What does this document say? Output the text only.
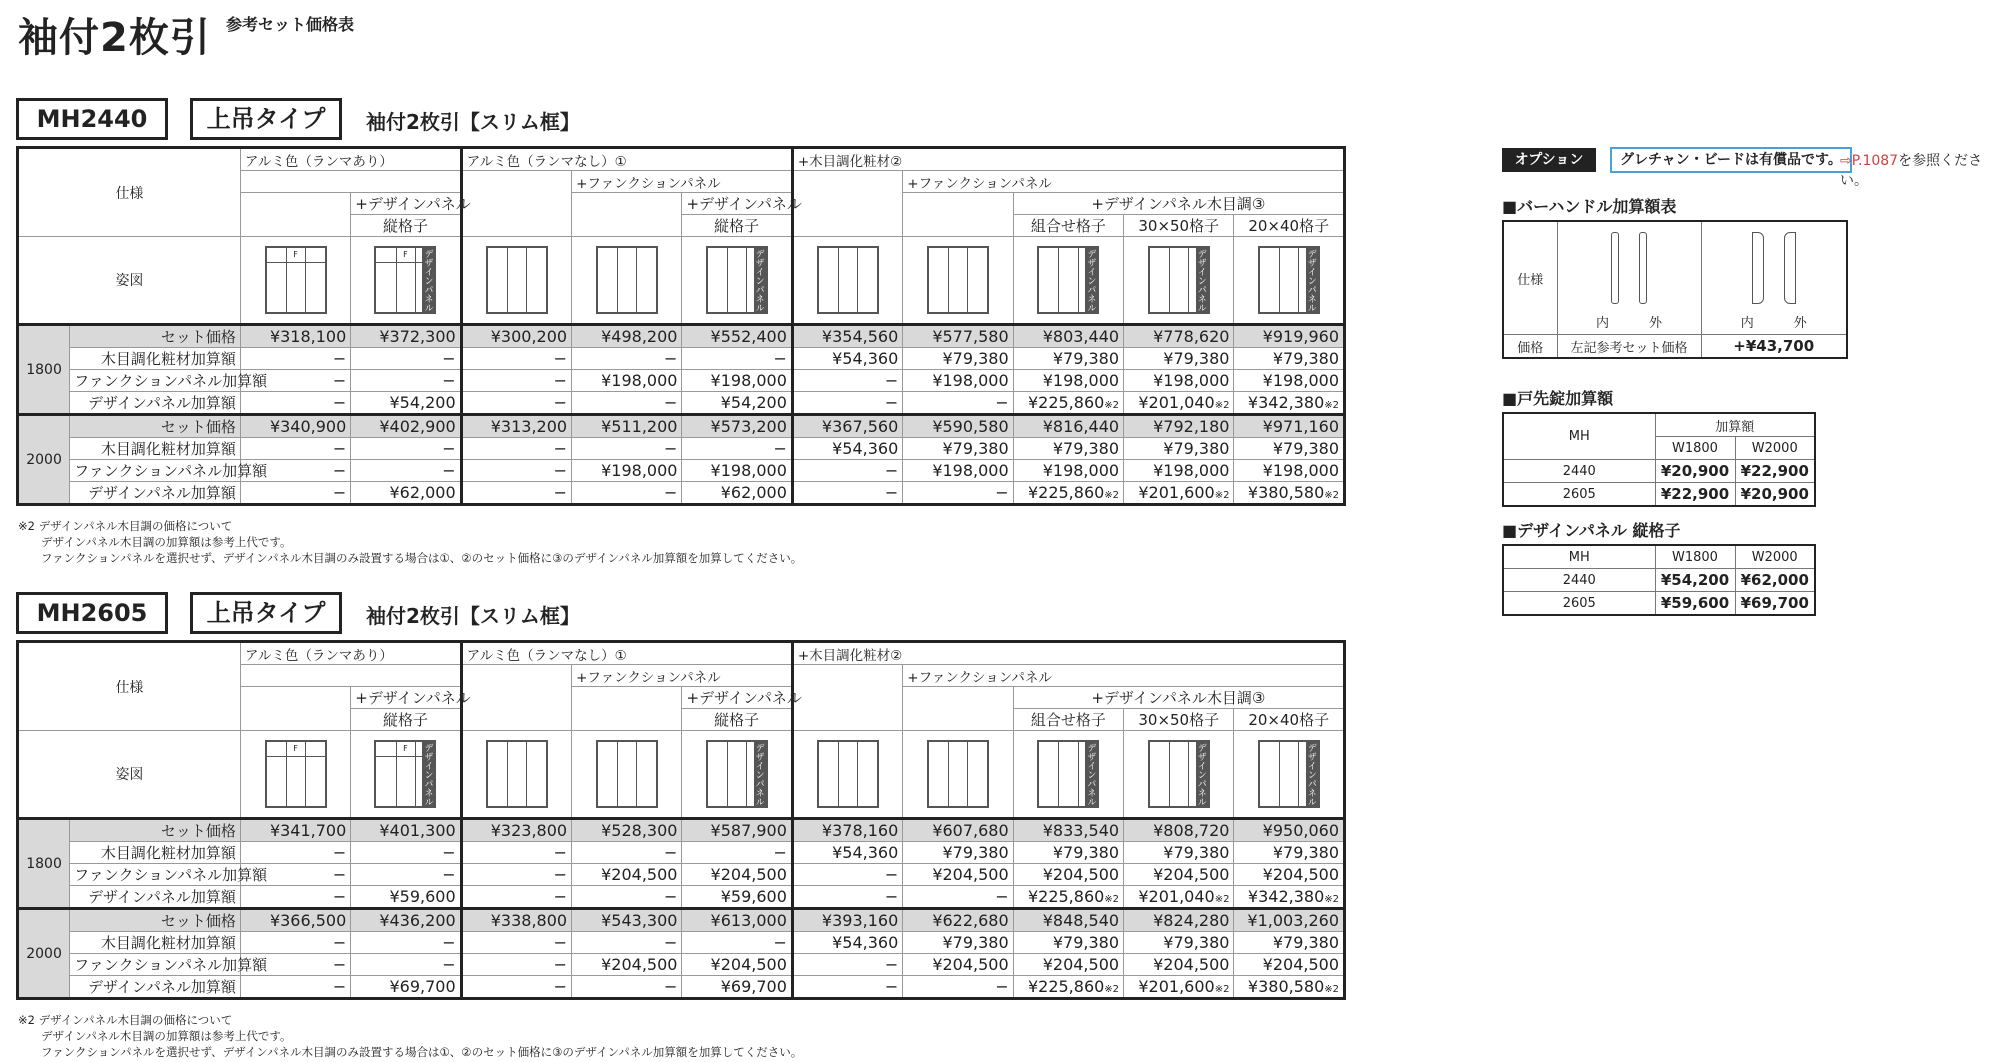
袖付2枚引 参考セット価格表
MH2440	上吊タイプ	袖付2枚引【スリム框】
仕様		アルミ色（ランマあり）		アルミ色（ランマなし）①			+木目調化粧材②				
					+ファンクションパネル			+ファンクションパネル			
			+デザインパネル			+デザインパネル			+デザインパネル木目調③		
			縦格子			縦格子			組合せ格子	30×50格子	20×40格子
姿図		F	F デザインパネル			デザインパネル			デザインパネル	デザインパネル	デザインパネル

1800	セット価格	¥318,100	¥372,300	¥300,200	¥498,200	¥552,400	¥354,560	¥577,580	¥803,440	¥778,620	¥919,960
	木目調化粧材加算額	−	−	−	−	−	¥54,360	¥79,380	¥79,380	¥79,380	¥79,380
	ファンクションパネル加算額	−	−	−	¥198,000	¥198,000	−	¥198,000	¥198,000	¥198,000	¥198,000
	デザインパネル加算額	−	¥54,200	−	−	¥54,200	−	−	¥225,860※2	¥201,040※2	¥342,380※2
2000	セット価格	¥340,900	¥402,900	¥313,200	¥511,200	¥573,200	¥367,560	¥590,580	¥816,440	¥792,180	¥971,160
	木目調化粧材加算額	−	−	−	−	−	¥54,360	¥79,380	¥79,380	¥79,380	¥79,380
	ファンクションパネル加算額	−	−	−	¥198,000	¥198,000	−	¥198,000	¥198,000	¥198,000	¥198,000
	デザインパネル加算額	−	¥62,000	−	−	¥62,000	−	−	¥225,860※2	¥201,600※2	¥380,580※2
※2 デザインパネル木目調の価格について
　　デザインパネル木目調の加算額は参考上代です。
　　ファンクションパネルを選択せず、デザインパネル木目調のみ設置する場合は①、②のセット価格に③のデザインパネル加算額を加算してください。
MH2605	上吊タイプ	袖付2枚引【スリム框】
仕様		アルミ色（ランマあり）		アルミ色（ランマなし）①			+木目調化粧材②				
					+ファンクションパネル			+ファンクションパネル			
			+デザインパネル			+デザインパネル			+デザインパネル木目調③		
			縦格子			縦格子			組合せ格子	30×50格子	20×40格子
姿図		F	F デザインパネル			デザインパネル			デザインパネル	デザインパネル	デザインパネル

1800	セット価格	¥341,700	¥401,300	¥323,800	¥528,300	¥587,900	¥378,160	¥607,680	¥833,540	¥808,720	¥950,060
	木目調化粧材加算額	−	−	−	−	−	¥54,360	¥79,380	¥79,380	¥79,380	¥79,380
	ファンクションパネル加算額	−	−	−	¥204,500	¥204,500	−	¥204,500	¥204,500	¥204,500	¥204,500
	デザインパネル加算額	−	¥59,600	−	−	¥59,600	−	−	¥225,860※2	¥201,040※2	¥342,380※2
2000	セット価格	¥366,500	¥436,200	¥338,800	¥543,300	¥613,000	¥393,160	¥622,680	¥848,540	¥824,280	¥1,003,260
	木目調化粧材加算額	−	−	−	−	−	¥54,360	¥79,380	¥79,380	¥79,380	¥79,380
	ファンクションパネル加算額	−	−	−	¥204,500	¥204,500	−	¥204,500	¥204,500	¥204,500	¥204,500
	デザインパネル加算額	−	¥69,700	−	−	¥69,700	−	−	¥225,860※2	¥201,600※2	¥380,580※2
※2 デザインパネル木目調の価格について
　　デザインパネル木目調の加算額は参考上代です。
　　ファンクションパネルを選択せず、デザインパネル木目調のみ設置する場合は①、②のセット価格に③のデザインパネル加算額を加算してください。
オプション	グレチャン・ビードは有償品です。
⇨P.1087を参照ください。
■バーハンドル加算額表
仕様	内 外	内 外

価格	左記参考セット価格	+¥43,700
■戸先錠加算額
MH	加算額	
	W1800	W2000
2440	¥20,900	¥22,900
2605	¥22,900	¥20,900
■デザインパネル 縦格子
MH	W1800	W2000
2440	¥54,200	¥62,000
2605	¥59,600	¥69,700
